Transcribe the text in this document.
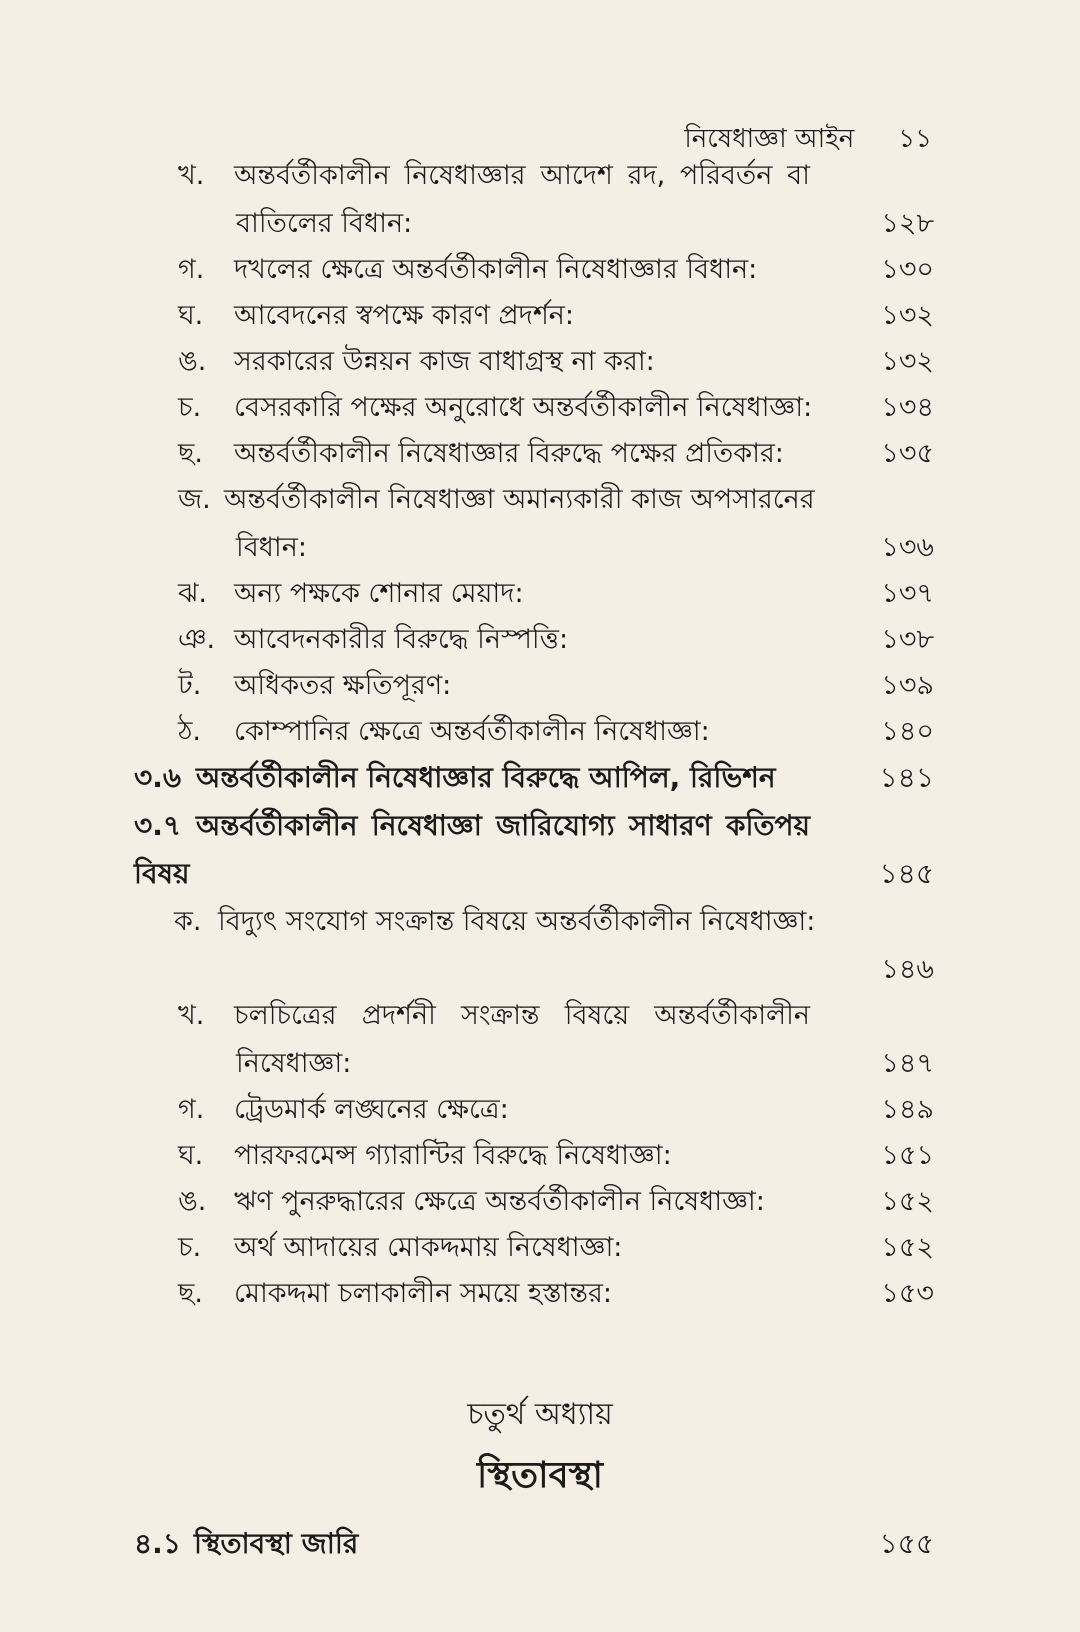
নিষেধাজ্ঞা আইন ১১
খ. অন্তর্বর্তীকালীন নিষেধাজ্ঞার আদেশ রদ, পরিবর্তন বা
বাতিলের বিধান:	১২৮
গ. দখলের ক্ষেত্রে অন্তর্বর্তীকালীন নিষেধাজ্ঞার বিধান:	১৩০
ঘ. আবেদনের স্বপক্ষে কারণ প্রদর্শন:	১৩২
ঙ. সরকারের উন্নয়ন কাজ বাধাগ্রস্থ না করা:	১৩২
চ. বেসরকারি পক্ষের অনুরোধে অন্তর্বর্তীকালীন নিষেধাজ্ঞা:	১৩৪
ছ. অন্তর্বর্তীকালীন নিষেধাজ্ঞার বিরুদ্ধে পক্ষের প্রতিকার:	১৩৫
জ. অন্তর্বর্তীকালীন নিষেধাজ্ঞা অমান্যকারী কাজ অপসারনের
বিধান:	১৩৬
ঝ. অন্য পক্ষকে শোনার মেয়াদ:	১৩৭
ঞ. আবেদনকারীর বিরুদ্ধে নিস্পত্তি:	১৩৮
ট. অধিকতর ক্ষতিপূরণ:	১৩৯
ঠ. কোম্পানির ক্ষেত্রে অন্তর্বর্তীকালীন নিষেধাজ্ঞা:	১৪০
৩.৬ অন্তর্বর্তীকালীন নিষেধাজ্ঞার বিরুদ্ধে আপিল, রিভিশন	১৪১
৩.৭ অন্তর্বর্তীকালীন নিষেধাজ্ঞা জারিযোগ্য সাধারণ কতিপয়
বিষয়	১৪৫
ক. বিদ্যুৎ সংযোগ সংক্রান্ত বিষয়ে অন্তর্বর্তীকালীন নিষেধাজ্ঞা:
১৪৬
খ. চলচিত্রের প্রদর্শনী সংক্রান্ত বিষয়ে অন্তর্বর্তীকালীন
নিষেধাজ্ঞা:	১৪৭
গ. ট্রেডমার্ক লঙ্ঘনের ক্ষেত্রে:	১৪৯
ঘ. পারফরমেন্স গ্যারান্টির বিরুদ্ধে নিষেধাজ্ঞা:	১৫১
ঙ. ঋণ পুনরুদ্ধারের ক্ষেত্রে অন্তর্বর্তীকালীন নিষেধাজ্ঞা:	১৫২
চ. অর্থ আদায়ের মোকদ্দমায় নিষেধাজ্ঞা:	১৫২
ছ. মোকদ্দমা চলাকালীন সময়ে হস্তান্তর:	১৫৩
৪.১ স্থিতাবস্থা জারি	১৫৫
চতুর্থ অধ্যায়
স্থিতাবস্থা
